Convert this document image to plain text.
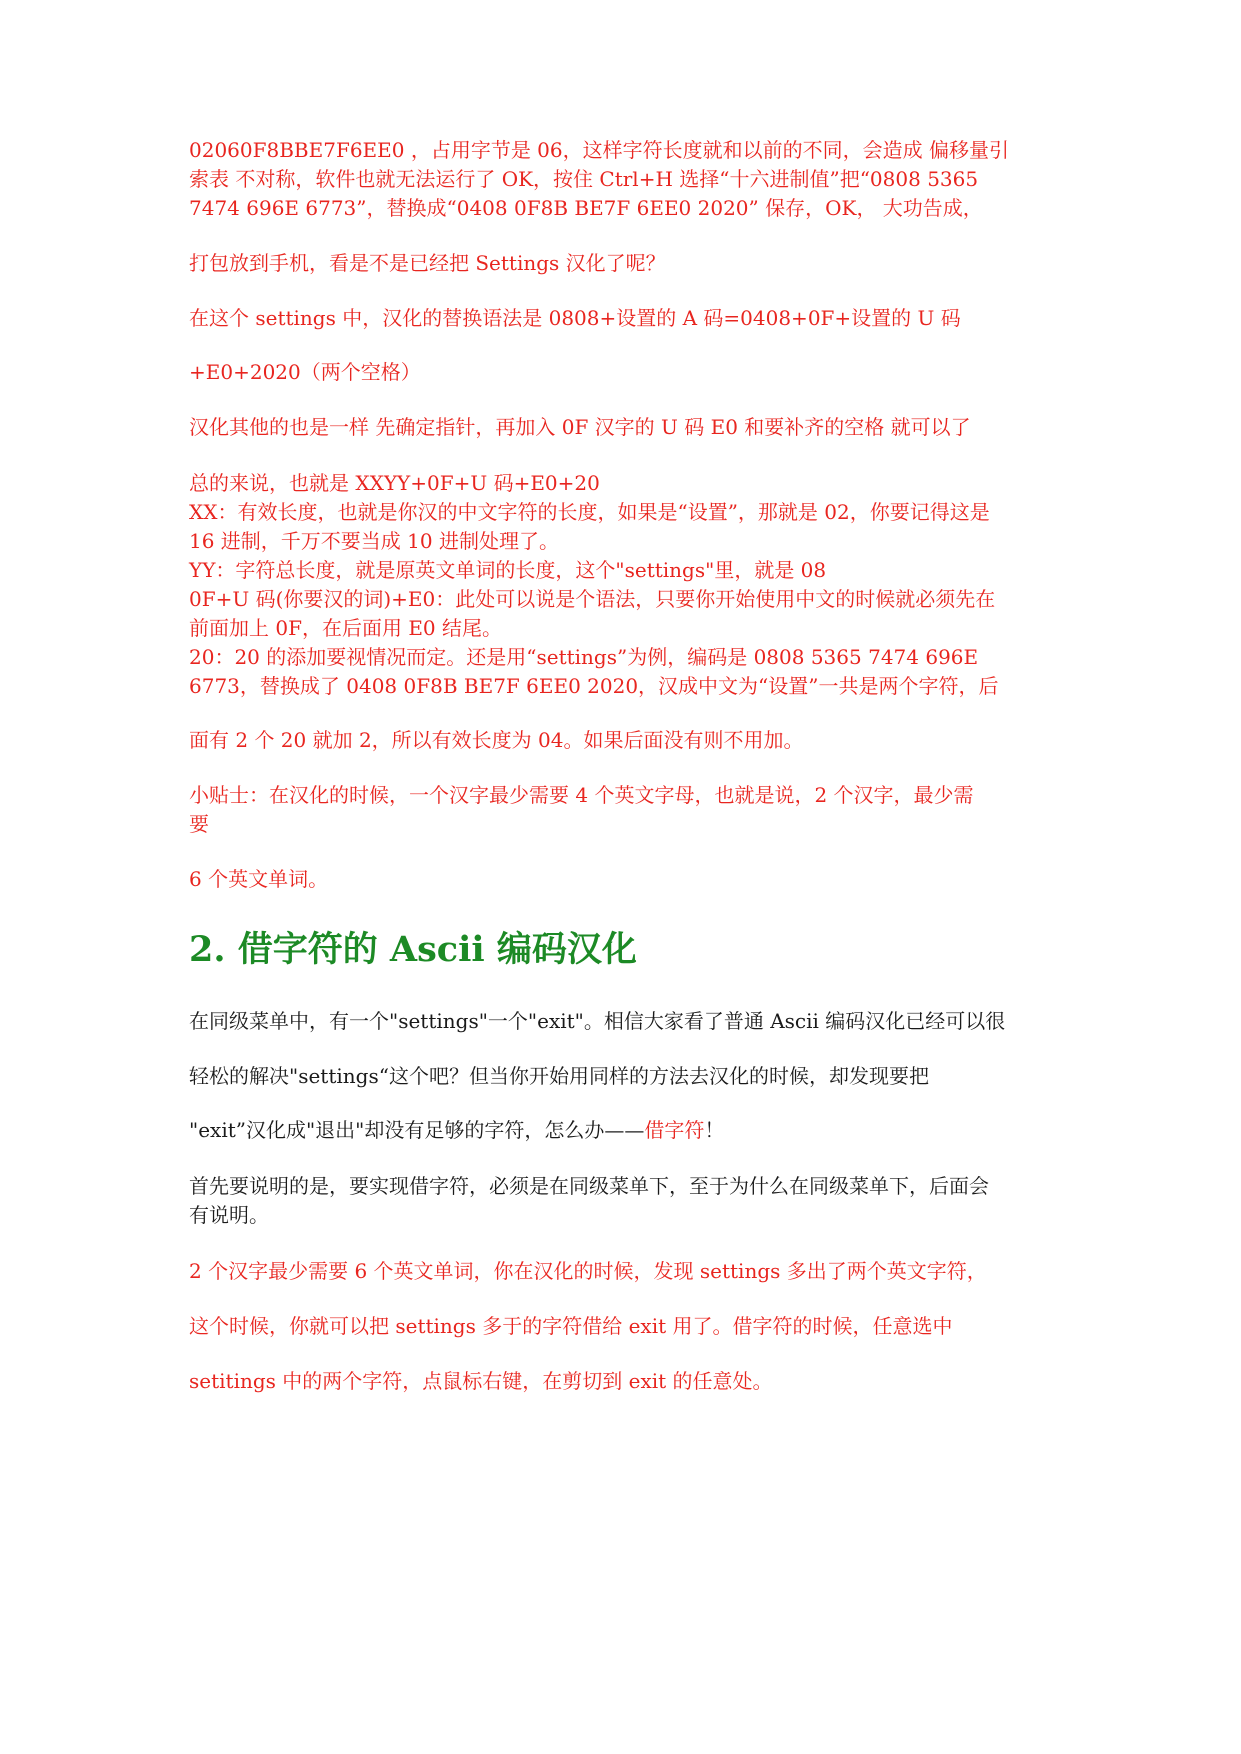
02060F8BBE7F6EE0 ，占用字节是 06，这样字符长度就和以前的不同，会造成 偏移量引

索表 不对称，软件也就无法运行了 OK，按住 Ctrl+H 选择“十六进制值”把“0808 5365

7474 696E 6773”，替换成“0408 0F8B BE7F 6EE0 2020” 保存，OK， 大功告成，

打包放到手机，看是不是已经把 Settings 汉化了呢？

在这个 settings 中，汉化的替换语法是 0808+设置的 A 码=0408+0F+设置的 U 码

+E0+2020（两个空格）

汉化其他的也是一样 先确定指针，再加入 0F 汉字的 U 码 E0 和要补齐的空格 就可以了

总的来说，也就是 XXYY+0F+U 码+E0+20

XX：有效长度，也就是你汉的中文字符的长度，如果是“设置”，那就是 02，你要记得这是

16 进制，千万不要当成 10 进制处理了。

YY：字符总长度，就是原英文单词的长度，这个"settings"里，就是 08

0F+U 码(你要汉的词)+E0：此处可以说是个语法，只要你开始使用中文的时候就必须先在

前面加上 0F，在后面用 E0 结尾。

20：20 的添加要视情况而定。还是用“settings”为例，编码是 0808 5365 7474 696E

6773，替换成了 0408 0F8B BE7F 6EE0 2020，汉成中文为“设置”一共是两个字符，后

面有 2 个 20 就加 2，所以有效长度为 04。如果后面没有则不用加。

小贴士：在汉化的时候，一个汉字最少需要 4 个英文字母，也就是说，2 个汉字，最少需

要

6 个英文单词。

2. 借字符的 Ascii 编码汉化

在同级菜单中，有一个"settings"一个"exit"。相信大家看了普通 Ascii 编码汉化已经可以很

轻松的解决"settings“这个吧？但当你开始用同样的方法去汉化的时候，却发现要把

"exit”汉化成"退出"却没有足够的字符，怎么办——借字符！

首先要说明的是，要实现借字符，必须是在同级菜单下，至于为什么在同级菜单下，后面会

有说明。

2 个汉字最少需要 6 个英文单词，你在汉化的时候，发现 settings 多出了两个英文字符，

这个时候，你就可以把 settings 多于的字符借给 exit 用了。借字符的时候，任意选中

setitings 中的两个字符，点鼠标右键，在剪切到 exit 的任意处。
